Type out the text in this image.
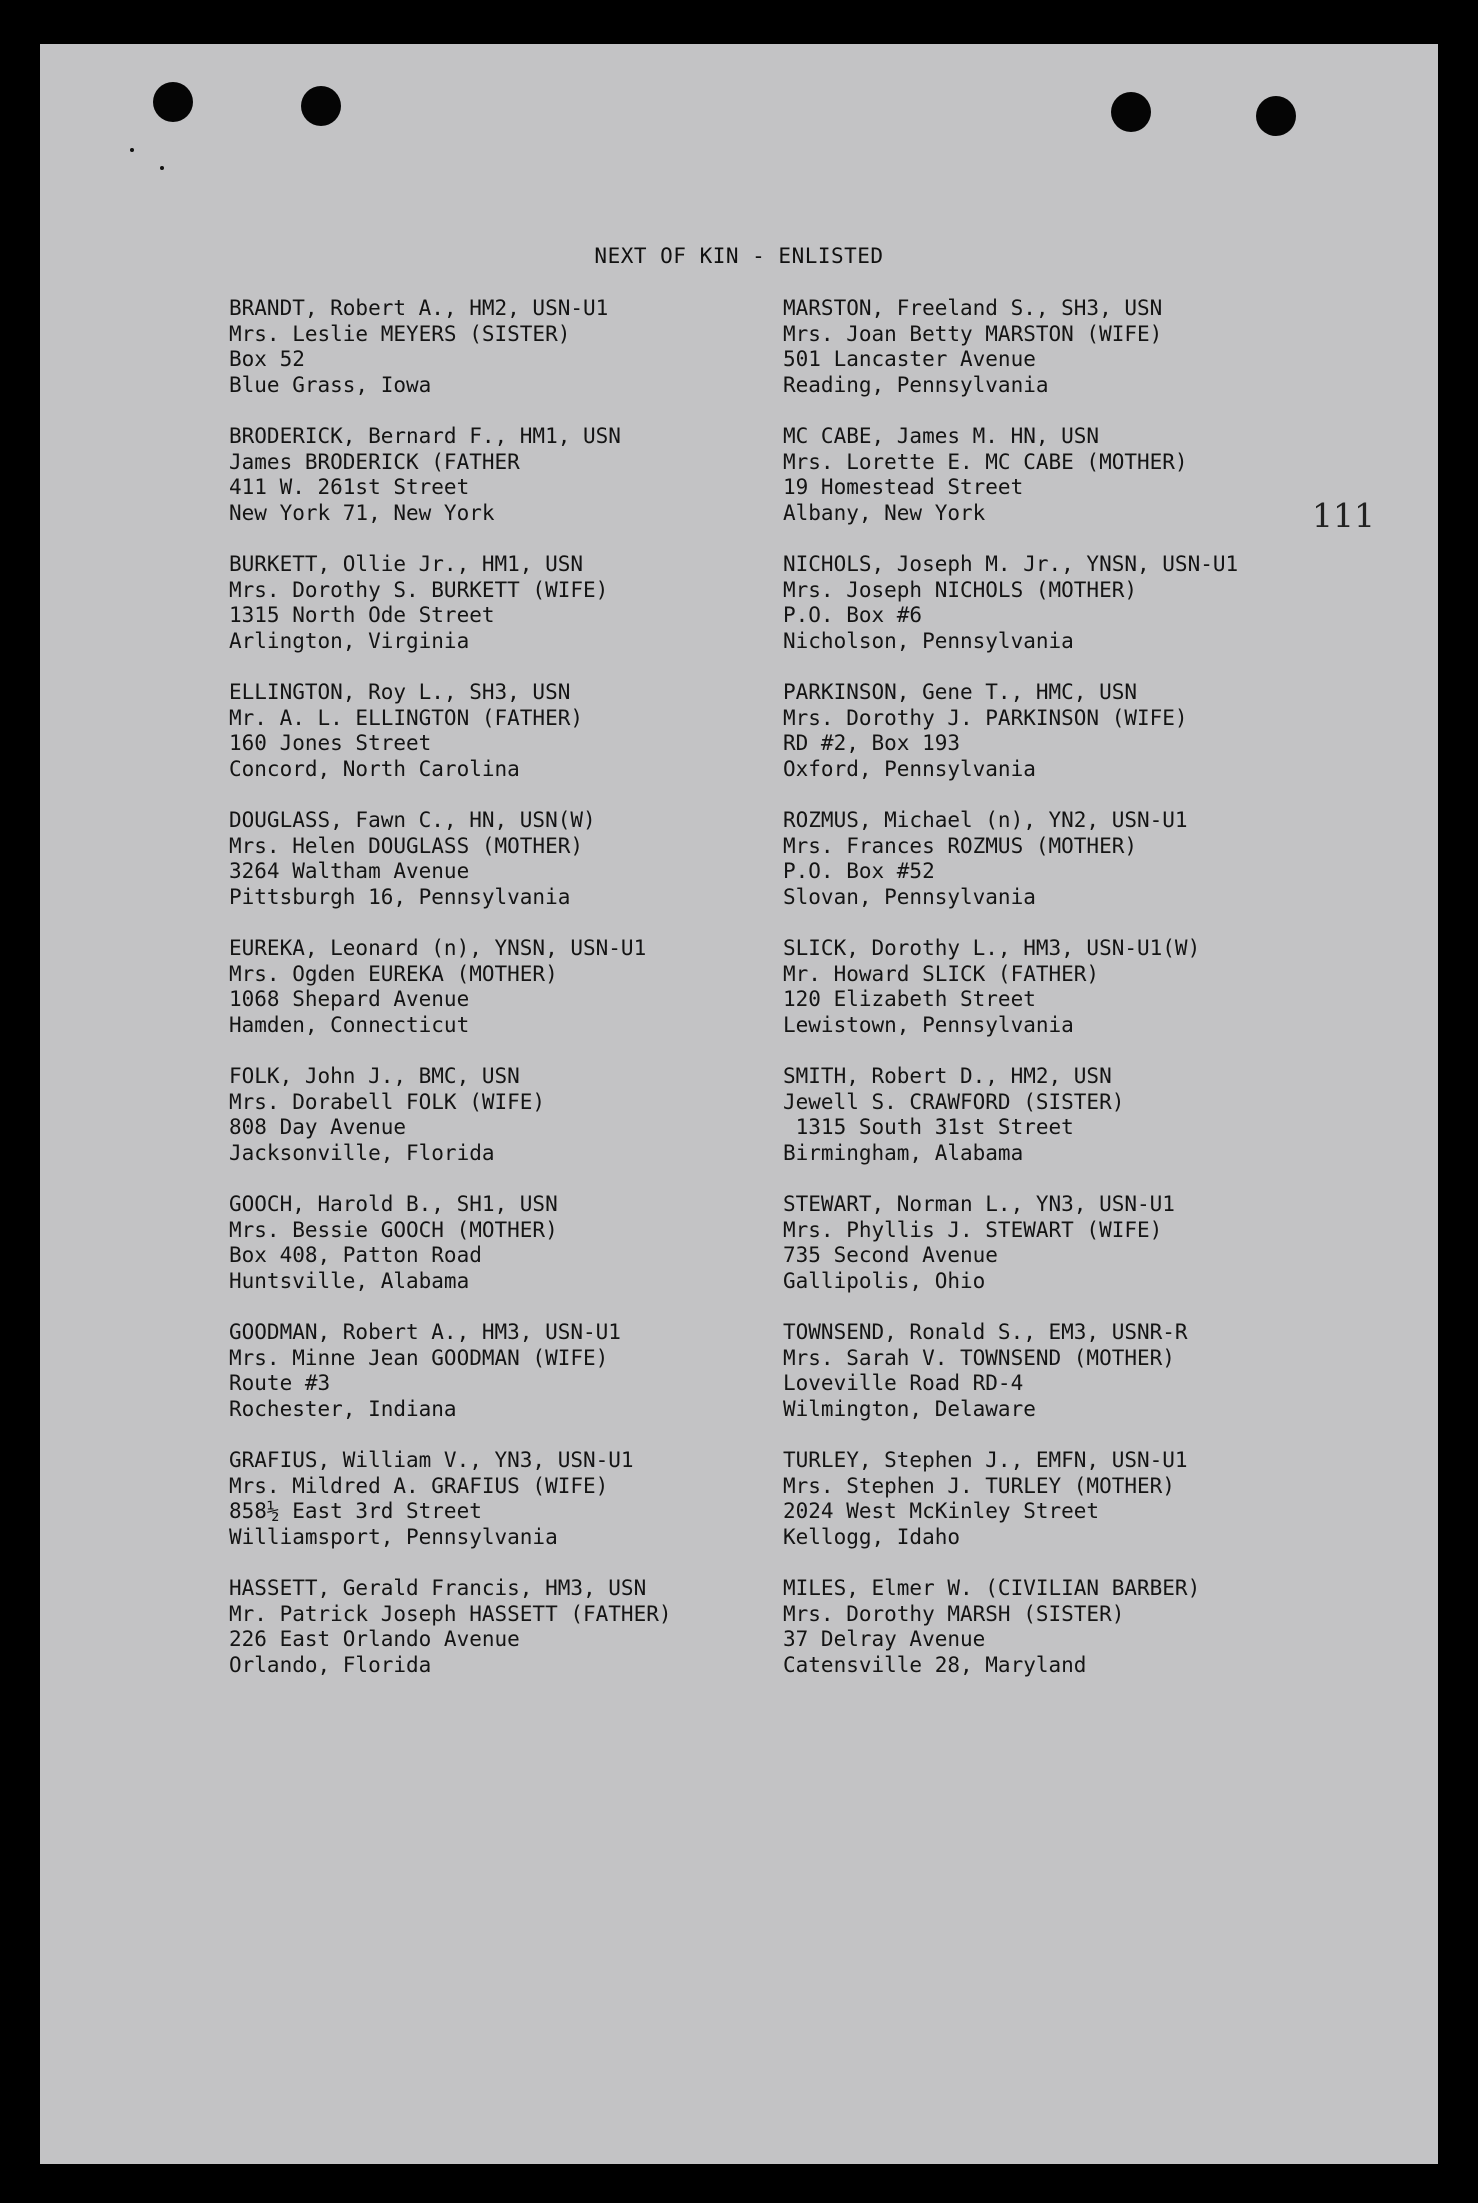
NEXT OF KIN - ENLISTED
111
BRANDT, Robert A., HM2, USN-U1
Mrs. Leslie MEYERS (SISTER)
Box 52
Blue Grass, Iowa
BRODERICK, Bernard F., HM1, USN
James BRODERICK (FATHER
411 W. 261st Street
New York 71, New York
BURKETT, Ollie Jr., HM1, USN
Mrs. Dorothy S. BURKETT (WIFE)
1315 North Ode Street
Arlington, Virginia
ELLINGTON, Roy L., SH3, USN
Mr. A. L. ELLINGTON (FATHER)
160 Jones Street
Concord, North Carolina
DOUGLASS, Fawn C., HN, USN(W)
Mrs. Helen DOUGLASS (MOTHER)
3264 Waltham Avenue
Pittsburgh 16, Pennsylvania
EUREKA, Leonard (n), YNSN, USN-U1
Mrs. Ogden EUREKA (MOTHER)
1068 Shepard Avenue
Hamden, Connecticut
FOLK, John J., BMC, USN
Mrs. Dorabell FOLK (WIFE)
808 Day Avenue
Jacksonville, Florida
GOOCH, Harold B., SH1, USN
Mrs. Bessie GOOCH (MOTHER)
Box 408, Patton Road
Huntsville, Alabama
GOODMAN, Robert A., HM3, USN-U1
Mrs. Minne Jean GOODMAN (WIFE)
Route #3
Rochester, Indiana
GRAFIUS, William V., YN3, USN-U1
Mrs. Mildred A. GRAFIUS (WIFE)
858½ East 3rd Street
Williamsport, Pennsylvania
HASSETT, Gerald Francis, HM3, USN
Mr. Patrick Joseph HASSETT (FATHER)
226 East Orlando Avenue
Orlando, Florida
MARSTON, Freeland S., SH3, USN
Mrs. Joan Betty MARSTON (WIFE)
501 Lancaster Avenue
Reading, Pennsylvania
MC CABE, James M. HN, USN
Mrs. Lorette E. MC CABE (MOTHER)
19 Homestead Street
Albany, New York
NICHOLS, Joseph M. Jr., YNSN, USN-U1
Mrs. Joseph NICHOLS (MOTHER)
P.O. Box #6
Nicholson, Pennsylvania
PARKINSON, Gene T., HMC, USN
Mrs. Dorothy J. PARKINSON (WIFE)
RD #2, Box 193
Oxford, Pennsylvania
ROZMUS, Michael (n), YN2, USN-U1
Mrs. Frances ROZMUS (MOTHER)
P.O. Box #52
Slovan, Pennsylvania
SLICK, Dorothy L., HM3, USN-U1(W)
Mr. Howard SLICK (FATHER)
120 Elizabeth Street
Lewistown, Pennsylvania
SMITH, Robert D., HM2, USN
Jewell S. CRAWFORD (SISTER)
1315 South 31st Street
Birmingham, Alabama
STEWART, Norman L., YN3, USN-U1
Mrs. Phyllis J. STEWART (WIFE)
735 Second Avenue
Gallipolis, Ohio
TOWNSEND, Ronald S., EM3, USNR-R
Mrs. Sarah V. TOWNSEND (MOTHER)
Loveville Road RD-4
Wilmington, Delaware
TURLEY, Stephen J., EMFN, USN-U1
Mrs. Stephen J. TURLEY (MOTHER)
2024 West McKinley Street
Kellogg, Idaho
MILES, Elmer W. (CIVILIAN BARBER)
Mrs. Dorothy MARSH (SISTER)
37 Delray Avenue
Catensville 28, Maryland
